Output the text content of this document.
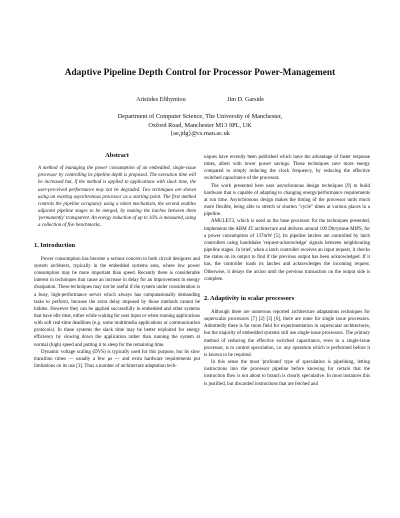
Adaptive Pipeline Depth Control for Processor Power-Management
Aristides Efthymiou	Jim D. Garside
Department of Computer Science, The University of Manchester,
Oxford Road, Manchester M13 9PL, UK
{ae,jdg}@cs.man.ac.uk
Abstract

A method of managing the power consumption of an embedded, single-issue processor by controlling its pipeline depth is proposed. The execution time will be increased but, if the method is applied to applications with slack time, the user-perceived performance may not be degraded. Two techniques are shown using an existing asynchronous processor as a starting point. The first method controls the pipeline occupancy using a token mechanism, the second enables adjacent pipeline stages to be merged, by making the latches between them 'permanently' transparent. An energy reduction of up to 16% is measured, using a collection of five benchmarks.

1. Introduction

Power consumption has become a serious concern to both circuit designers and system architects, typically in the embedded systems area, where low power consumption may be more important than speed. Recently there is considerable interest in techniques that cause an increase in delay for an improvement in energy dissipation. These techniques may not be useful if the system under consideration is a busy, high-performance server which always has computationally demanding tasks to perform, because the extra delay imposed by those methods cannot be hidden. However they can be applied successfully in embedded and other systems that have idle time, either while waiting for user input or when running applications with soft real-time deadlines (e.g. some multimedia applications or communication protocols). In these systems the slack time may be better exploited for energy efficiency by slowing down the application rather than running the system at normal (high) speed and putting it to sleep for the remaining time.

Dynamic voltage scaling (DVS) is typically used for this purpose, but its slow transition times — usually a few μs — and extra hardware requirements put limitations on its use [3]. Thus a number of architecture adaptation tech-

niques have recently been published which have the advantage of faster response times, albeit with lower power savings. These techniques save more energy compared to simply reducing the clock frequency, by reducing the effective switched capacitance of the processor.

The work presented here uses asynchronous design techniques [9] to build hardware that is capable of adapting to changing energy/performance requirements at run time. Asynchronous design makes the timing of the processor units much more flexible, being able to stretch or shorten "cycle" times at various places in a pipeline.

AMULET3, which is used as the base processor for the techniques presented, implements the ARM 4T architecture and delivers around 100 Dhrystone MIPS, for a power consumption of 137mW [5]. Its pipeline latches are controlled by latch controllers using handshake 'request-acknowledge' signals between neighbouring pipeline stages. In brief, when a latch controller receives an input request, it checks the status on its output to find if the previous output has been acknowledged. If it has, the controller loads its latches and acknowledges the incoming request. Otherwise, it delays the action until the previous transaction on the output side is complete.

2. Adaptivity in scalar processors

Although there are numerous reported architecture adaptations techniques for superscalar processors [7] [2] [3] [6], there are none for single issue processors. Admittedly there is far more field for experimentation in superscalar architectures, but the majority of embedded systems still use single-issue processors. The primary method of reducing the effective switched capacitance, even in a single-issue processor, is to control speculation, i.e. any operation which is performed before it is known to be required.

In this sense the most 'profound' type of speculation is pipelining, letting instructions into the processor pipeline before knowing for certain that the instruction flow is not about to branch is clearly speculative. In most instances this is justified, but discarded instructions that are fetched and
